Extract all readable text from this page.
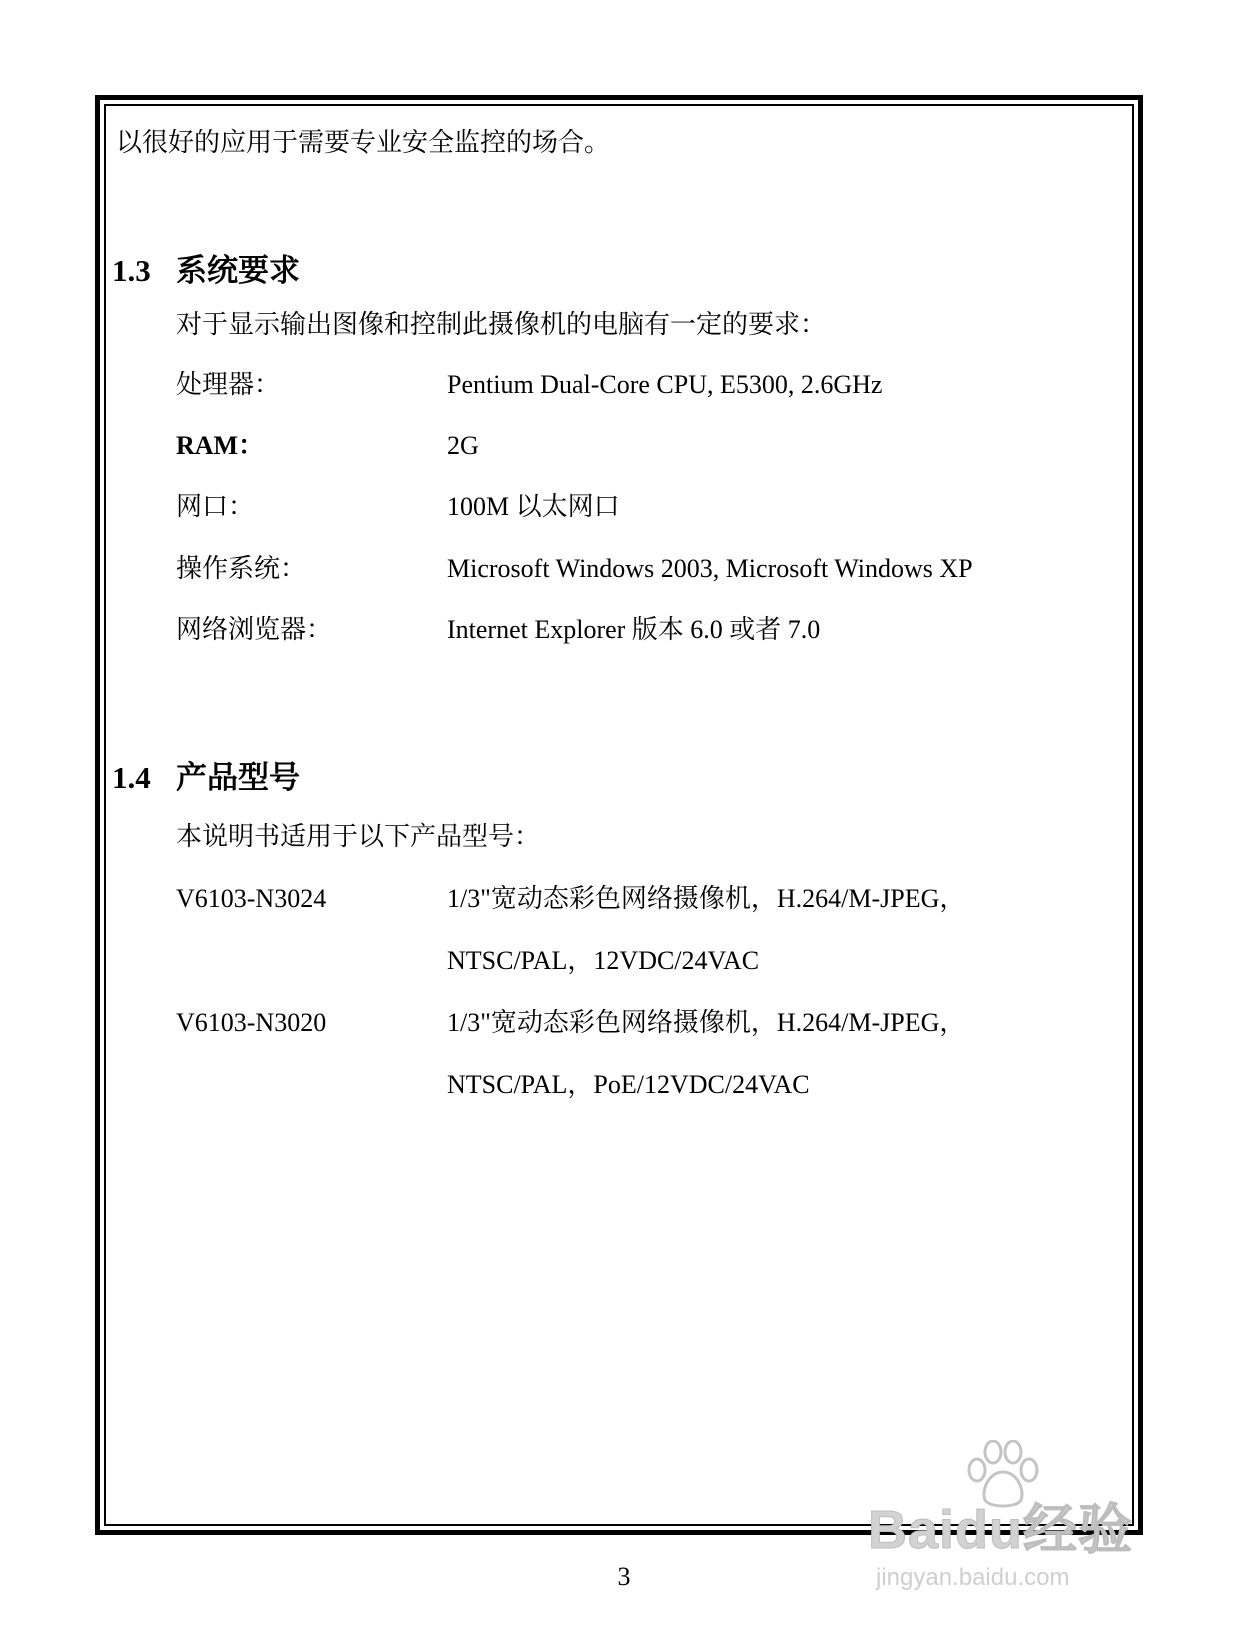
以很好的应用于需要专业安全监控的场合。
1.3 系统要求
对于显示输出图像和控制此摄像机的电脑有一定的要求：
处理器：	Pentium Dual-Core CPU, E5300, 2.6GHz
RAM：	2G
网口：	100M 以太网口
操作系统：	Microsoft Windows 2003, Microsoft Windows XP
网络浏览器：	Internet Explorer 版本 6.0 或者 7.0
1.4 产品型号
本说明书适用于以下产品型号：
V6103-N3024	1/3"宽动态彩色网络摄像机，H.264/M-JPEG，
NTSC/PAL，12VDC/24VAC
V6103-N3020	1/3"宽动态彩色网络摄像机，H.264/M-JPEG，
NTSC/PAL，PoE/12VDC/24VAC
3
Baidu经验
jingyan.baidu.com
